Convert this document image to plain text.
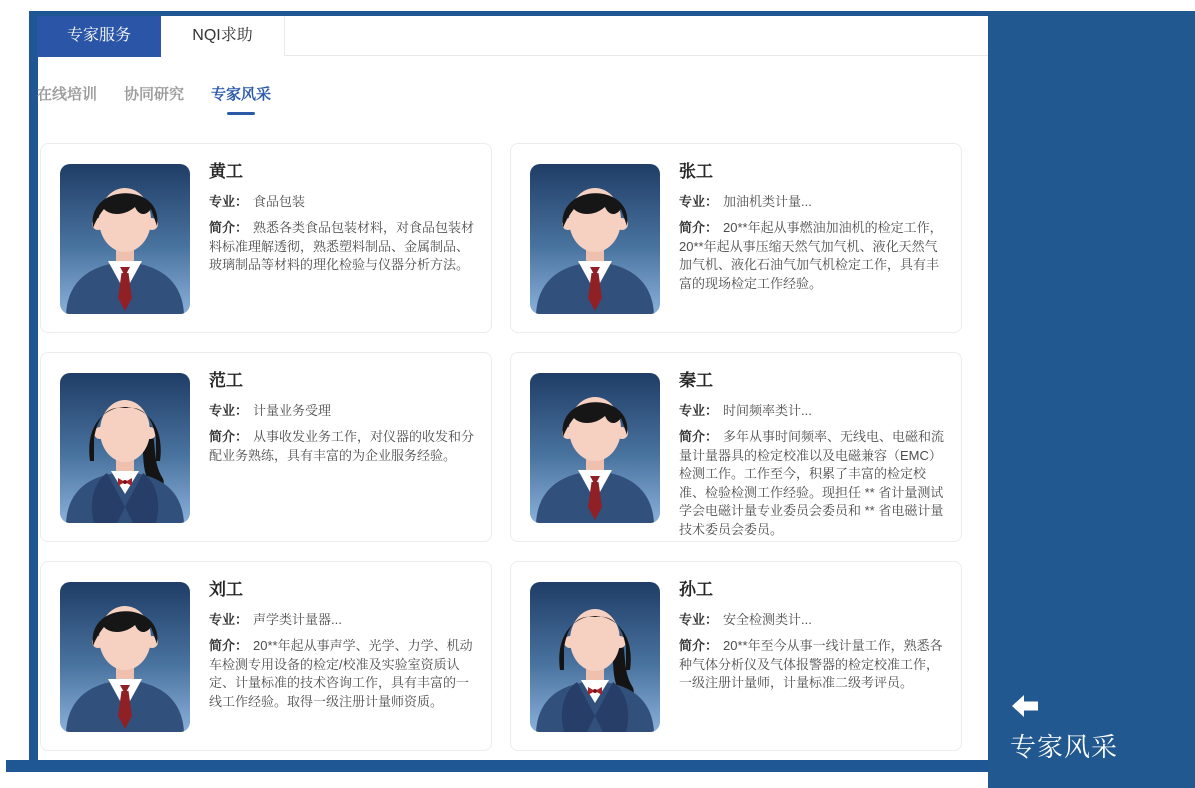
专家风采
专家服务	NQI求助
在线培训 协同研究 专家风采
黄工
专业： 食品包装
简介： 熟悉各类食品包装材料，对食品包装材料标准理解透彻，熟悉塑料制品、金属制品、玻璃制品等材料的理化检验与仪器分析方法。
张工
专业： 加油机类计量...
简介： 20**年起从事燃油加油机的检定工作，20**年起从事压缩天然气加气机、液化天然气加气机、液化石油气加气机检定工作，具有丰富的现场检定工作经验。
范工
专业： 计量业务受理
简介： 从事收发业务工作，对仪器的收发和分配业务熟练，具有丰富的为企业服务经验。
秦工
专业： 时间频率类计...
简介： 多年从事时间频率、无线电、电磁和流量计量器具的检定校准以及电磁兼容（EMC）检测工作。工作至今，积累了丰富的检定校准、检验检测工作经验。现担任 ** 省计量测试学会电磁计量专业委员会委员和 ** 省电磁计量技术委员会委员。
刘工
专业： 声学类计量器...
简介： 20**年起从事声学、光学、力学、机动车检测专用设备的检定/校准及实验室资质认定、计量标准的技术咨询工作，具有丰富的一线工作经验。取得一级注册计量师资质。
孙工
专业： 安全检测类计...
简介： 20**年至今从事一线计量工作，熟悉各种气体分析仪及气体报警器的检定校准工作，一级注册计量师，计量标准二级考评员。
